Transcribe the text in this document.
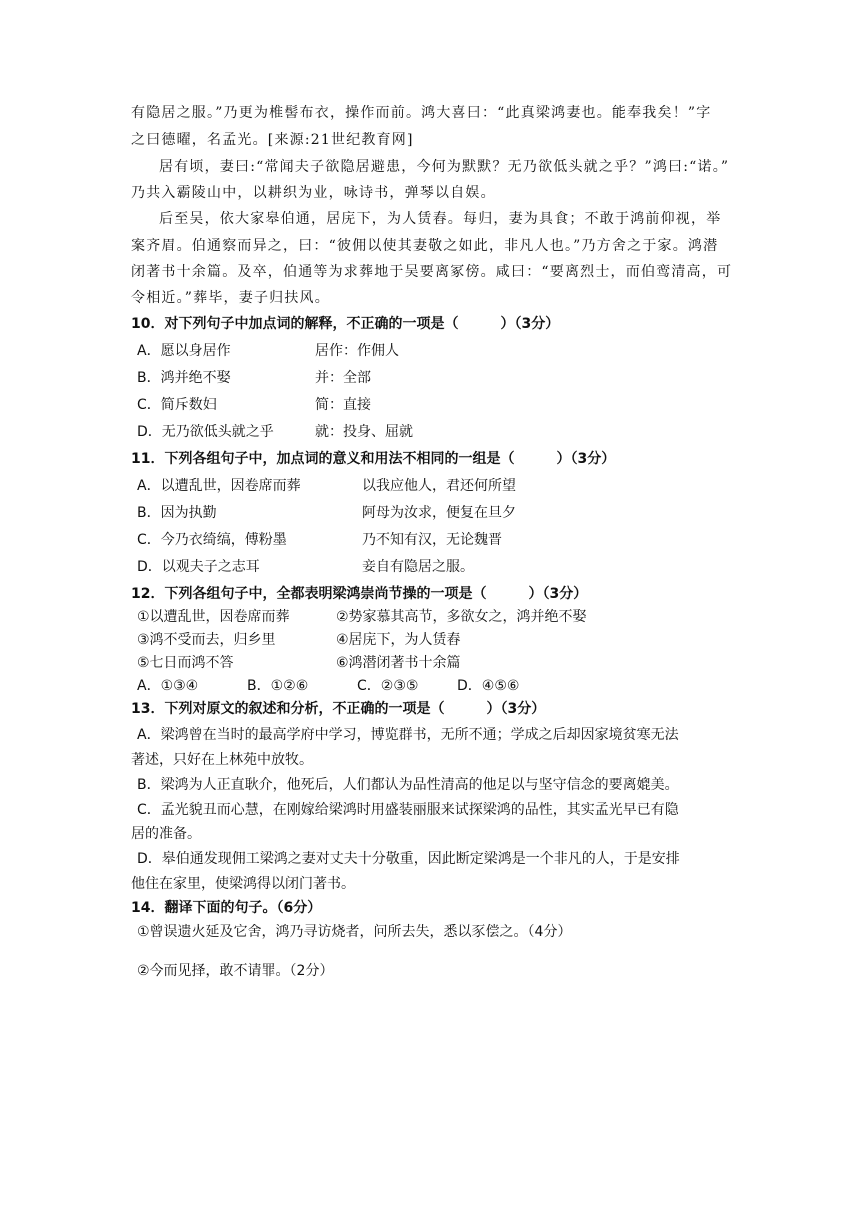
有隐居之服。”乃更为椎髻布衣，操作而前。鸿大喜曰：“此真梁鸿妻也。能奉我矣！”字
之曰德曜，名孟光。[来源:21世纪教育网]
居有顷，妻曰:“常闻夫子欲隐居避患，今何为默默？无乃欲低头就之乎？”鸿曰:“诺。”
乃共入霸陵山中，以耕织为业，咏诗书，弹琴以自娱。
后至吴，依大家皋伯通，居庑下，为人赁舂。每归，妻为具食；不敢于鸿前仰视，举
案齐眉。伯通察而异之，曰：“彼佣以使其妻敬之如此，非凡人也。”乃方舍之于家。鸿潜
闭著书十余篇。及卒，伯通等为求葬地于吴要离冢傍。咸曰：“要离烈士，而伯鸾清高，可
令相近。”葬毕，妻子归扶风。
10．对下列句子中加点词的解释，不正确的一项是（　　　）（3分）
A．愿以身居作	居作：作佣人
B．鸿并绝不娶	并：全部
C．简斥数妇	简：直接
D．无乃欲低头就之乎	就：投身、屈就
11．下列各组句子中，加点词的意义和用法不相同的一组是（　　　）（3分）
A．以遭乱世，因卷席而葬	以我应他人，君还何所望
B．因为执勤	阿母为汝求，便复在旦夕
C．今乃衣绮缟，傅粉墨	乃不知有汉，无论魏晋
D．以观夫子之志耳	妾自有隐居之服。
12．下列各组句子中，全都表明梁鸿崇尚节操的一项是（　　　）（3分）
①以遭乱世，因卷席而葬	②势家慕其高节，多欲女之，鸿并绝不娶
③鸿不受而去，归乡里	④居庑下，为人赁舂
⑤七日而鸿不答	⑥鸿潜闭著书十余篇
A．①③④	B．①②⑥	C．②③⑤	D．④⑤⑥
13．下列对原文的叙述和分析，不正确的一项是（　　　）（3分）
A．梁鸿曾在当时的最高学府中学习，博览群书，无所不通；学成之后却因家境贫寒无法
著述，只好在上林苑中放牧。
B．梁鸿为人正直耿介，他死后，人们都认为品性清高的他足以与坚守信念的要离媲美。
C．孟光貌丑而心慧，在刚嫁给梁鸿时用盛装丽服来试探梁鸿的品性，其实孟光早已有隐
居的准备。
D．皋伯通发现佣工梁鸿之妻对丈夫十分敬重，因此断定梁鸿是一个非凡的人，于是安排
他住在家里，使梁鸿得以闭门著书。
14．翻译下面的句子。（6分）
①曾误遗火延及它舍，鸿乃寻访烧者，问所去失，悉以豕偿之。（4分）
②今而见择，敢不请罪。（2分）
